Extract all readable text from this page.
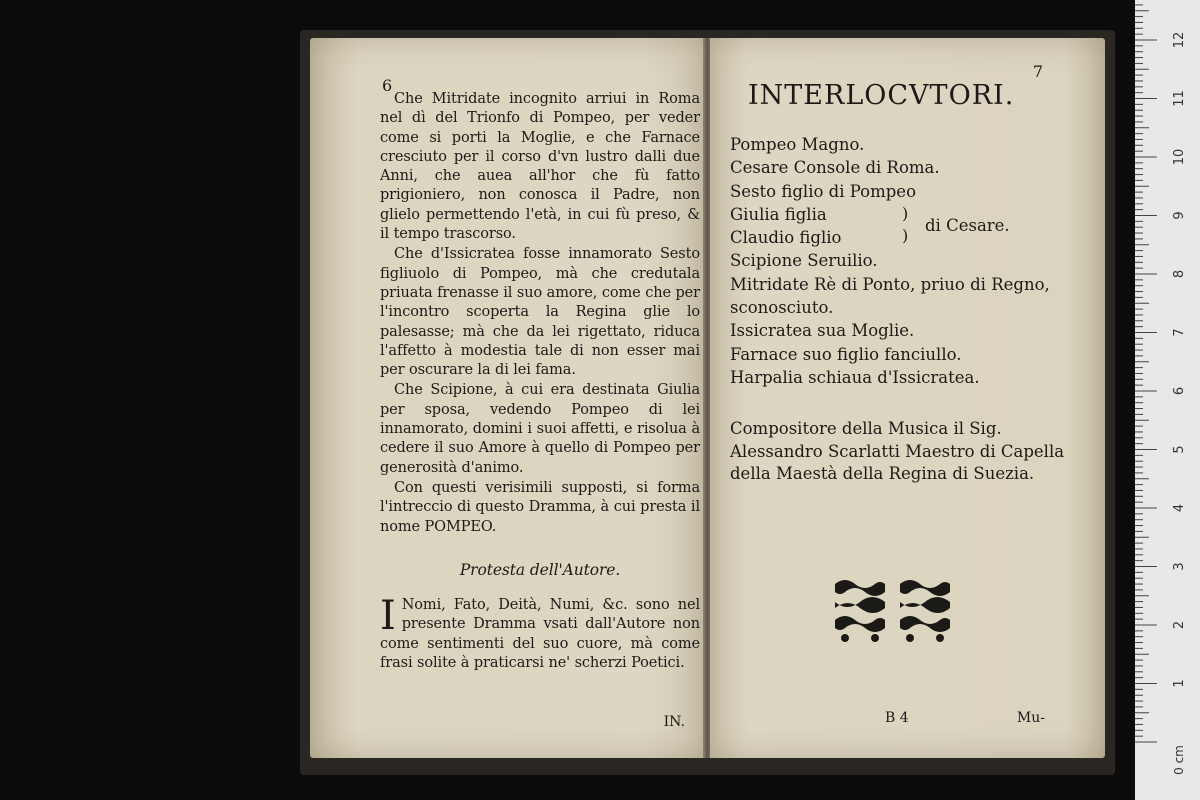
6

Che Mitridate incognito arriui in Roma nel dì del Trionfo di Pompeo, per veder come si porti la Moglie, e che Farnace cresciuto per il corso d'vn lustro dalli due Anni, che auea all'hor che fù fatto prigioniero, non conosca il Padre, non glielo permettendo l'età, in cui fù preso, & il tempo trascorso.

Che d'Issicratea fosse innamorato Sesto figliuolo di Pompeo, mà che credutala priuata frenasse il suo amore, come che per l'incontro scoperta la Regina glie lo palesasse; mà che da lei rigettato, riduca l'affetto à modestia tale di non esser mai per oscurare la di lei fama.

Che Scipione, à cui era destinata Giulia per sposa, vedendo Pompeo di lei innamorato, domini i suoi affetti, e risolua à cedere il suo Amore à quello di Pompeo per generosità d'animo.

Con questi verisimili supposti, si forma l'intreccio di questo Dramma, à cui presta il nome POMPEO.

Protesta dell'Autore.
I Nomi, Fato, Deità, Numi, &c. sono nel presente Dramma vsati dall'Autore non come sentimenti del suo cuore, mà come frasi solite à praticarsi ne' scherzi Poetici.
IN.
7
INTERLOCVTORI.
Pompeo Magno.
Cesare Console di Roma.
Sesto figlio di Pompeo
Giulia figlia
Claudio figlio
Scipione Seruilio.
Mitridate Rè di Ponto, priuo di Regno, sconosciuto.
Issicratea sua Moglie.
Farnace suo figlio fanciullo.
Harpalia schiaua d'Issicratea.
)
)
di Cesare.
Compositore della Musica il Sig. Alessandro Scarlatti Maestro di Capella della Maestà della Regina di Suezia.
B 4	Mu-
1
2
3
4
5
6
7
8
9
10
11
12
0 cm
